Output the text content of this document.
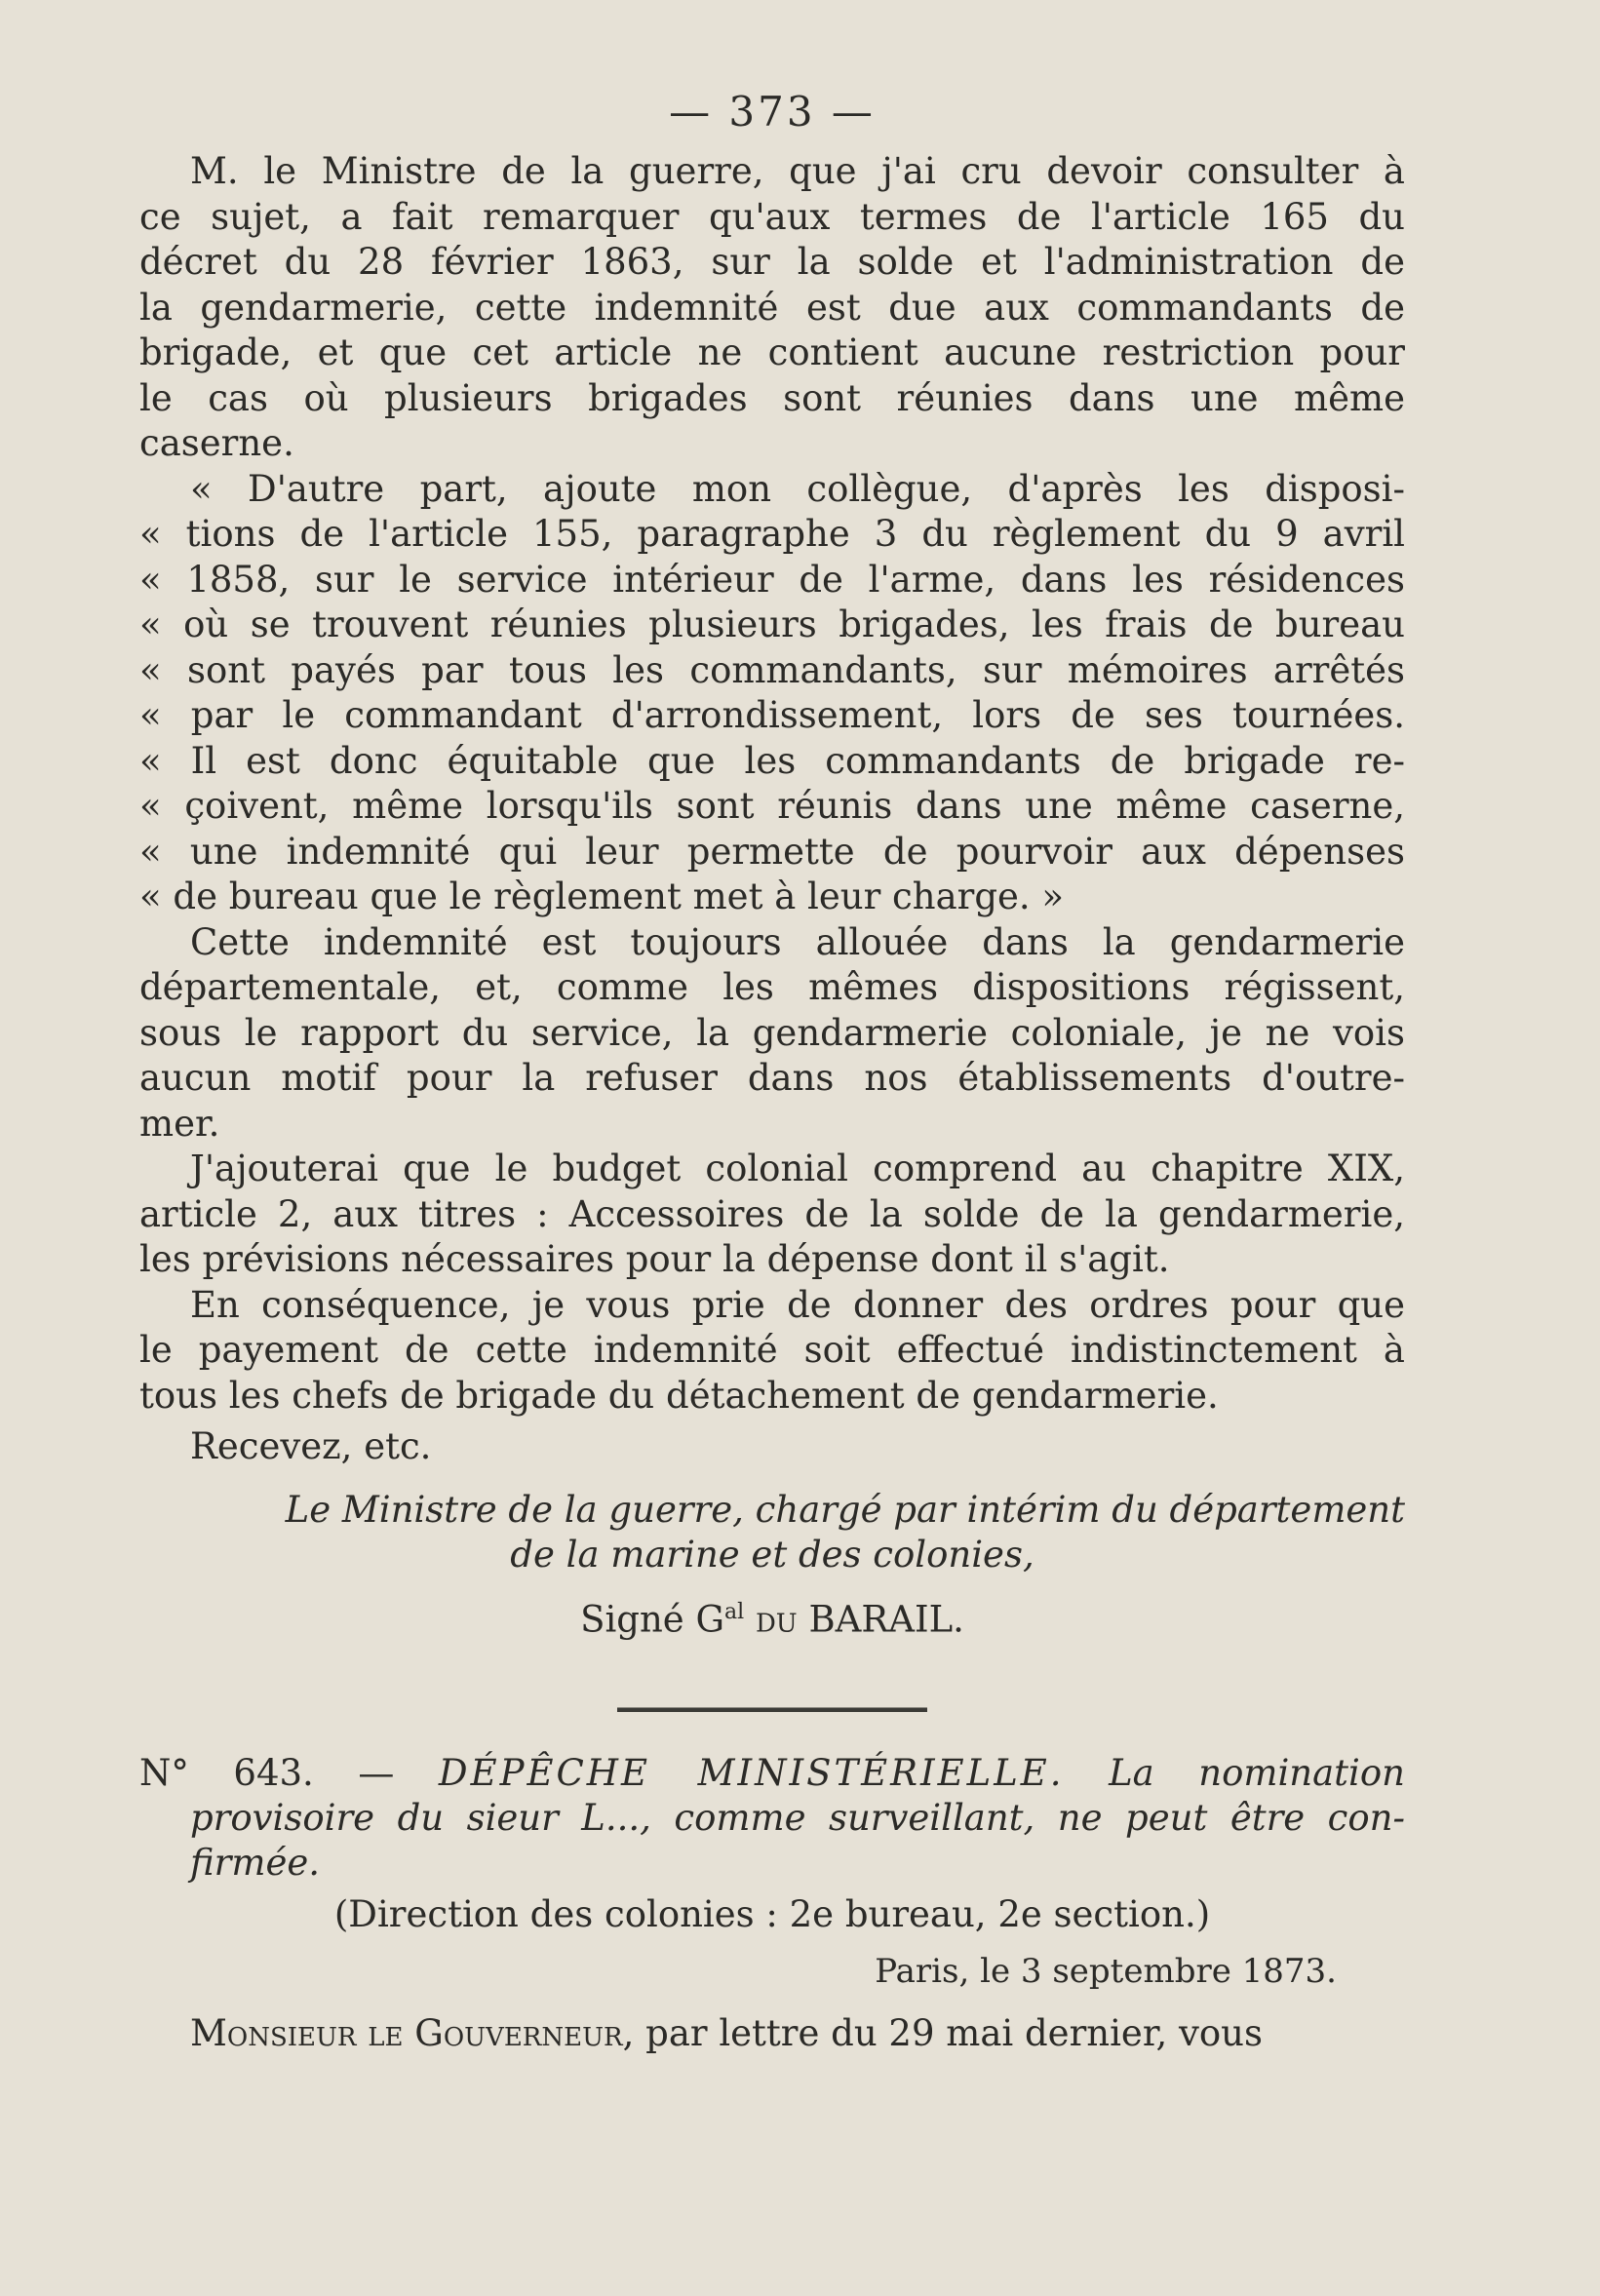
— 373 —

M. le Ministre de la guerre, que j'ai cru devoir consulter à
ce sujet, a fait remarquer qu'aux termes de l'article 165 du
décret du 28 février 1863, sur la solde et l'administration de
la gendarmerie, cette indemnité est due aux commandants de
brigade, et que cet article ne contient aucune restriction pour
le cas où plusieurs brigades sont réunies dans une même
caserne.

« D'autre part, ajoute mon collègue, d'après les disposi-
« tions de l'article 155, paragraphe 3 du règlement du 9 avril
« 1858, sur le service intérieur de l'arme, dans les résidences
« où se trouvent réunies plusieurs brigades, les frais de bureau
« sont payés par tous les commandants, sur mémoires arrêtés
« par le commandant d'arrondissement, lors de ses tournées.
« Il est donc équitable que les commandants de brigade re-
« çoivent, même lorsqu'ils sont réunis dans une même caserne,
« une indemnité qui leur permette de pourvoir aux dépenses
« de bureau que le règlement met à leur charge. »

Cette indemnité est toujours allouée dans la gendarmerie
départementale, et, comme les mêmes dispositions régissent,
sous le rapport du service, la gendarmerie coloniale, je ne vois
aucun motif pour la refuser dans nos établissements d'outre-
mer.

J'ajouterai que le budget colonial comprend au chapitre XIX,
article 2, aux titres : Accessoires de la solde de la gendarmerie,
les prévisions nécessaires pour la dépense dont il s'agit.

En conséquence, je vous prie de donner des ordres pour que
le payement de cette indemnité soit effectué indistinctement à
tous les chefs de brigade du détachement de gendarmerie.

Recevez, etc.

Le Ministre de la guerre, chargé par intérim du département
de la marine et des colonies,
Signé $G^{al}$ du BARAIL.
N° 643. — DÉPÊCHE MINISTÉRIELLE. La nomination
provisoire du sieur L..., comme surveillant, ne peut être con-
firmée.
(Direction des colonies : 2e bureau, 2e section.)
Paris, le 3 septembre 1873.
Monsieur le Gouverneur, par lettre du 29 mai dernier, vous
